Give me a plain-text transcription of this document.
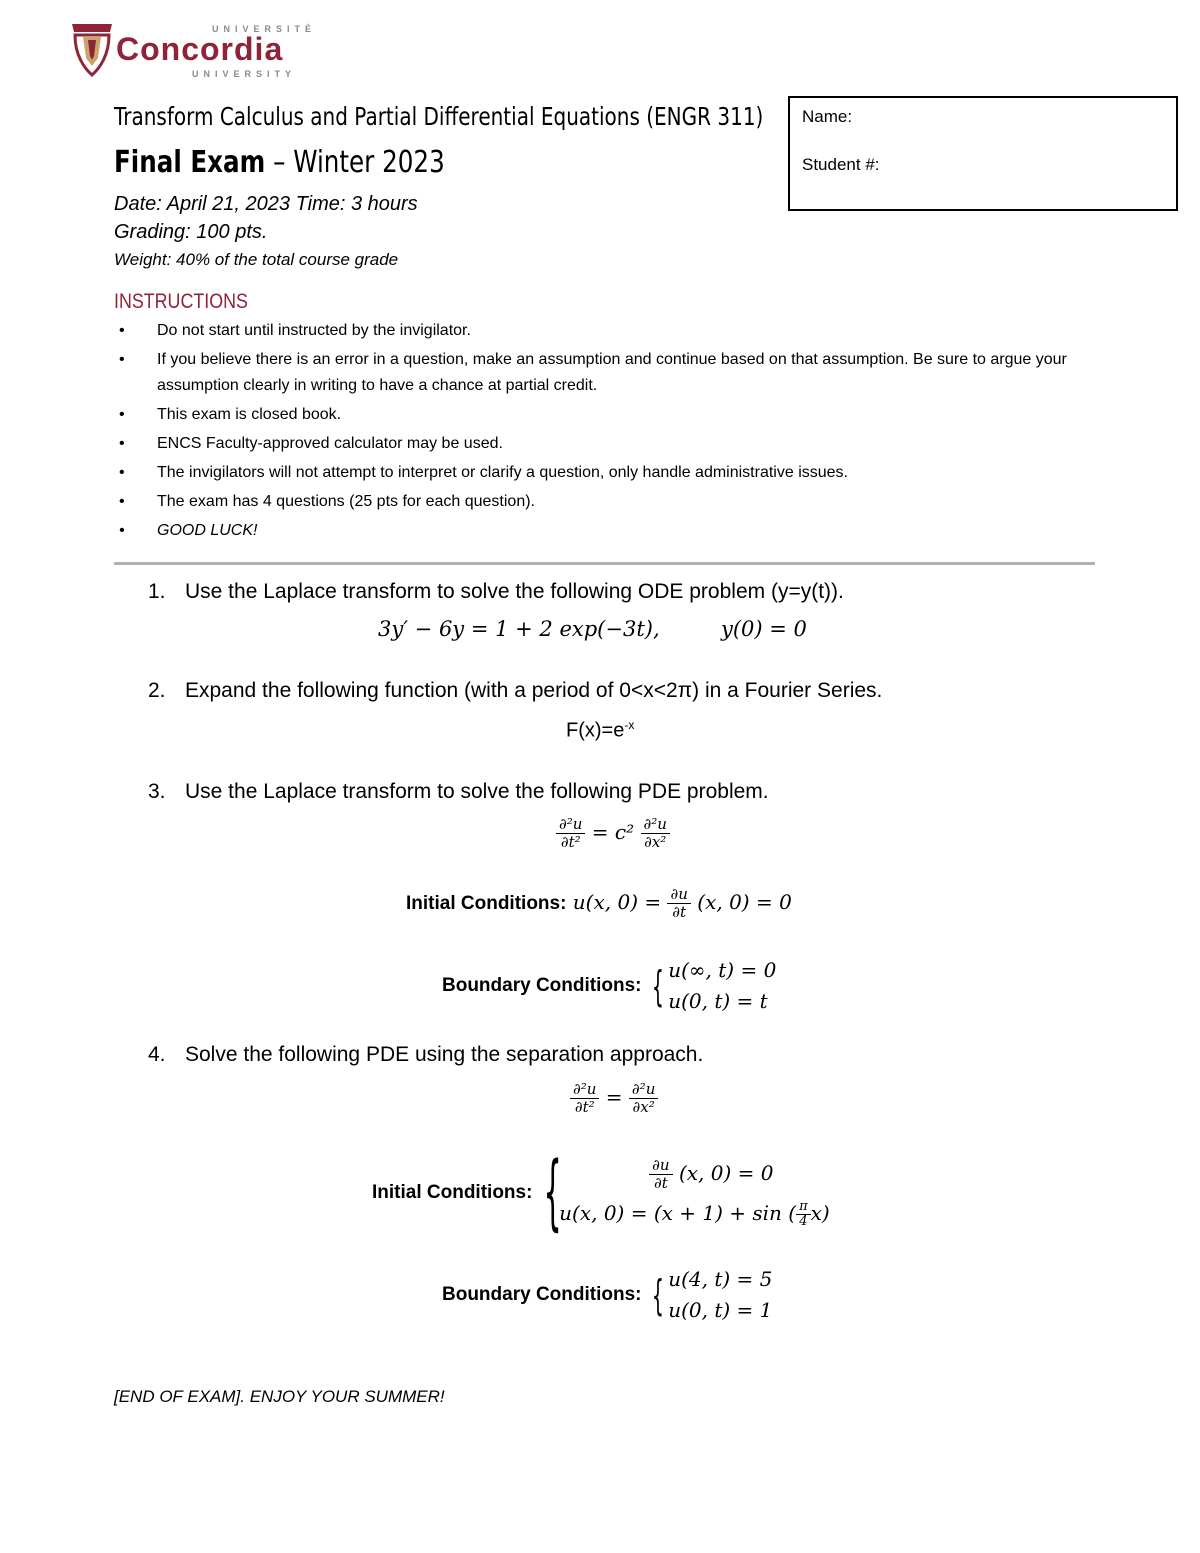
UNIVERSITÉ
Concordia
UNIVERSITY
Transform Calculus and Partial Differential Equations (ENGR 311)
Final Exam – Winter 2023
Name:
Student #:
Date: April 21, 2023 Time: 3 hours
Grading: 100 pts.
Weight: 40% of the total course grade
INSTRUCTIONS
• Do not start until instructed by the invigilator.
• If you believe there is an error in a question, make an assumption and continue based on that assumption. Be sure to argue your assumption clearly in writing to have a chance at partial credit.
• This exam is closed book.
• ENCS Faculty-approved calculator may be used.
• The invigilators will not attempt to interpret or clarify a question, only handle administrative issues.
• The exam has 4 questions (25 pts for each question).
• GOOD LUCK!
1. Use the Laplace transform to solve the following ODE problem (y=y(t)).
3y′ − 6y = 1 + 2 exp(−3t),	y(0) = 0
2. Expand the following function (with a period of 0<x<2π) in a Fourier Series.
$F(x)=e^{-x}$
3. Use the Laplace transform to solve the following PDE problem.
$\frac{\text{∂²u}}{\text{∂t²}} = c^2 \frac{\text{∂²u}}{\text{∂x²}}$
Initial Conditions: u(x, $0) = \frac{\partial u}{\partial t} (x$, 0) = 0
Boundary Conditions: { u(∞, t) = 0
u(0, t) = t
4. Solve the following PDE using the separation approach.
$\frac{\text{∂²u}}{\text{∂t²}} = \frac{\text{∂²u}}{\text{∂x²}}$
Initial Conditions: {	$\frac{\partial u}{\partial t} (x$, 0) = 0
u(x, 0) = (x + 1) + sin ( $\frac{\pi}{4} x$)
Boundary Conditions: { u(4, t) = 5
u(0, t) = 1
[END OF EXAM]. ENJOY YOUR SUMMER!
